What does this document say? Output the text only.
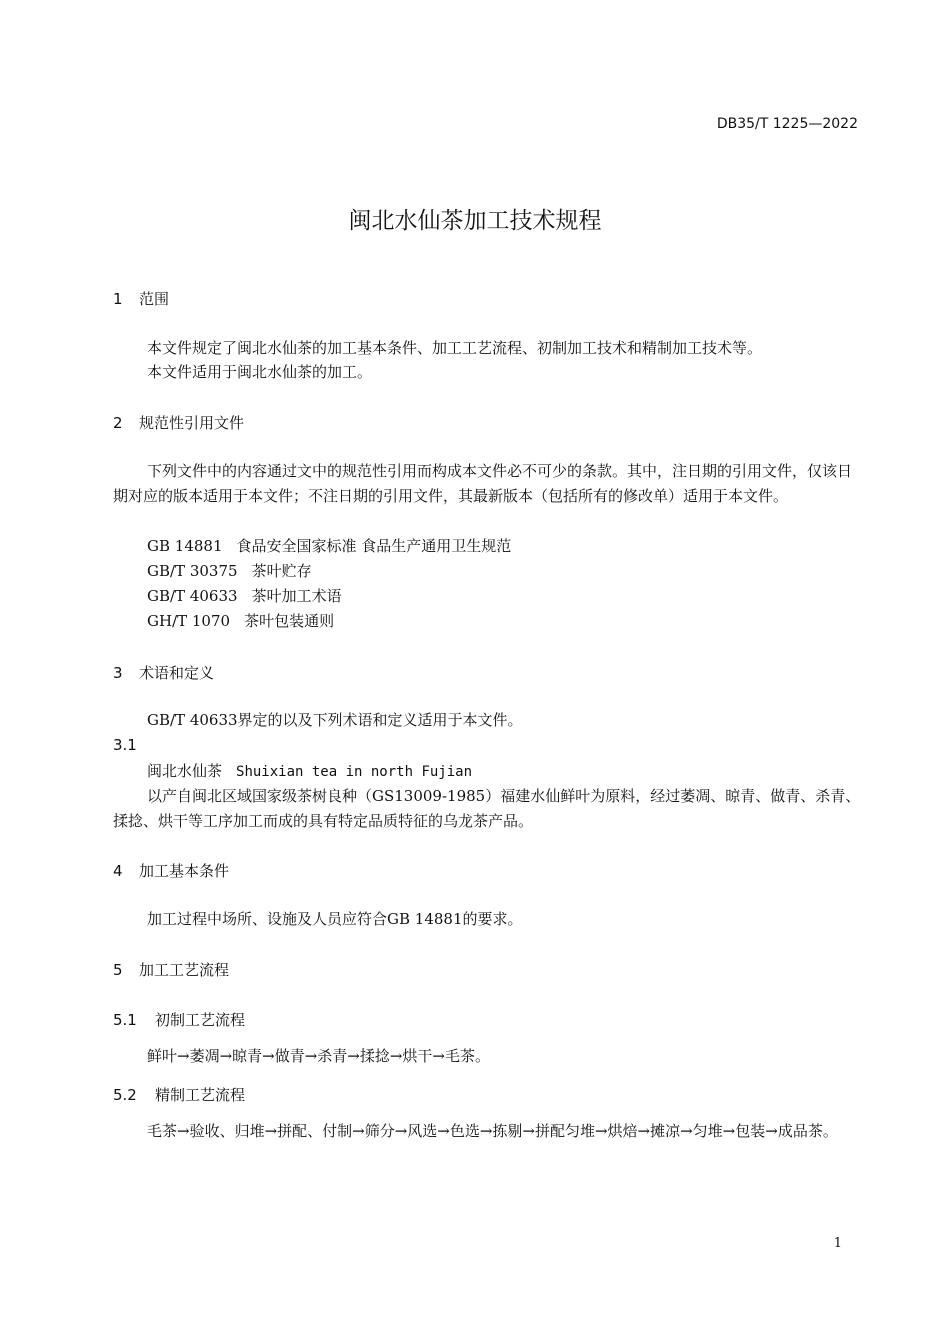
DB35/T 1225—2022
闽北水仙茶加工技术规程
1 范围

本文件规定了闽北水仙茶的加工基本条件、加工工艺流程、初制加工技术和精制加工技术等。

本文件适用于闽北水仙茶的加工。

2 规范性引用文件

下列文件中的内容通过文中的规范性引用而构成本文件必不可少的条款。其中，注日期的引用文件，仅该日期对应的版本适用于本文件；不注日期的引用文件，其最新版本（包括所有的修改单）适用于本文件。

GB 14881 食品安全国家标准 食品生产通用卫生规范
GB/T 30375 茶叶贮存
GB/T 40633 茶叶加工术语
GH/T 1070 茶叶包装通则
3 术语和定义

GB/T 40633界定的以及下列术语和定义适用于本文件。

3.1
闽北水仙茶 Shuixian tea in north Fujian

以产自闽北区域国家级茶树良种（GS13009-1985）福建水仙鲜叶为原料，经过萎凋、晾青、做青、杀青、揉捻、烘干等工序加工而成的具有特定品质特征的乌龙茶产品。

4 加工基本条件

加工过程中场所、设施及人员应符合GB 14881的要求。

5 加工工艺流程
5.1 初制工艺流程

鲜叶→萎凋→晾青→做青→杀青→揉捻→烘干→毛茶。

5.2 精制工艺流程

毛茶→验收、归堆→拼配、付制→筛分→风选→色选→拣剔→拼配匀堆→烘焙→摊凉→匀堆→包装→成品茶。

1
